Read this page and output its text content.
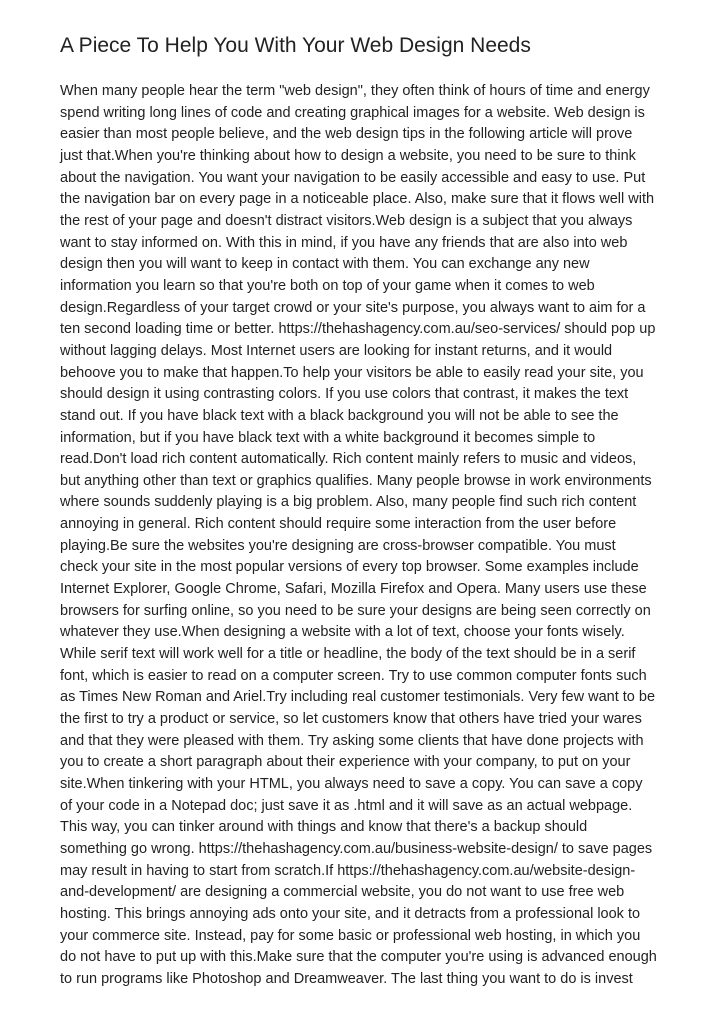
A Piece To Help You With Your Web Design Needs
When many people hear the term "web design", they often think of hours of time and energy
spend writing long lines of code and creating graphical images for a website. Web design is
easier than most people believe, and the web design tips in the following article will prove
just that.When you're thinking about how to design a website, you need to be sure to think
about the navigation. You want your navigation to be easily accessible and easy to use. Put
the navigation bar on every page in a noticeable place. Also, make sure that it flows well with
the rest of your page and doesn't distract visitors.Web design is a subject that you always
want to stay informed on. With this in mind, if you have any friends that are also into web
design then you will want to keep in contact with them. You can exchange any new
information you learn so that you're both on top of your game when it comes to web
design.Regardless of your target crowd or your site's purpose, you always want to aim for a
ten second loading time or better. https://thehashagency.com.au/seo-services/ should pop up
without lagging delays. Most Internet users are looking for instant returns, and it would
behoove you to make that happen.To help your visitors be able to easily read your site, you
should design it using contrasting colors. If you use colors that contrast, it makes the text
stand out. If you have black text with a black background you will not be able to see the
information, but if you have black text with a white background it becomes simple to
read.Don't load rich content automatically. Rich content mainly refers to music and videos,
but anything other than text or graphics qualifies. Many people browse in work environments
where sounds suddenly playing is a big problem. Also, many people find such rich content
annoying in general. Rich content should require some interaction from the user before
playing.Be sure the websites you're designing are cross-browser compatible. You must
check your site in the most popular versions of every top browser. Some examples include
Internet Explorer, Google Chrome, Safari, Mozilla Firefox and Opera. Many users use these
browsers for surfing online, so you need to be sure your designs are being seen correctly on
whatever they use.When designing a website with a lot of text, choose your fonts wisely.
While serif text will work well for a title or headline, the body of the text should be in a serif
font, which is easier to read on a computer screen. Try to use common computer fonts such
as Times New Roman and Ariel.Try including real customer testimonials. Very few want to be
the first to try a product or service, so let customers know that others have tried your wares
and that they were pleased with them. Try asking some clients that have done projects with
you to create a short paragraph about their experience with your company, to put on your
site.When tinkering with your HTML, you always need to save a copy. You can save a copy
of your code in a Notepad doc; just save it as .html and it will save as an actual webpage.
This way, you can tinker around with things and know that there's a backup should
something go wrong. https://thehashagency.com.au/business-website-design/ to save pages
may result in having to start from scratch.If https://thehashagency.com.au/website-design-
and-development/ are designing a commercial website, you do not want to use free web
hosting. This brings annoying ads onto your site, and it detracts from a professional look to
your commerce site. Instead, pay for some basic or professional web hosting, in which you
do not have to put up with this.Make sure that the computer you're using is advanced enough
to run programs like Photoshop and Dreamweaver. The last thing you want to do is invest
